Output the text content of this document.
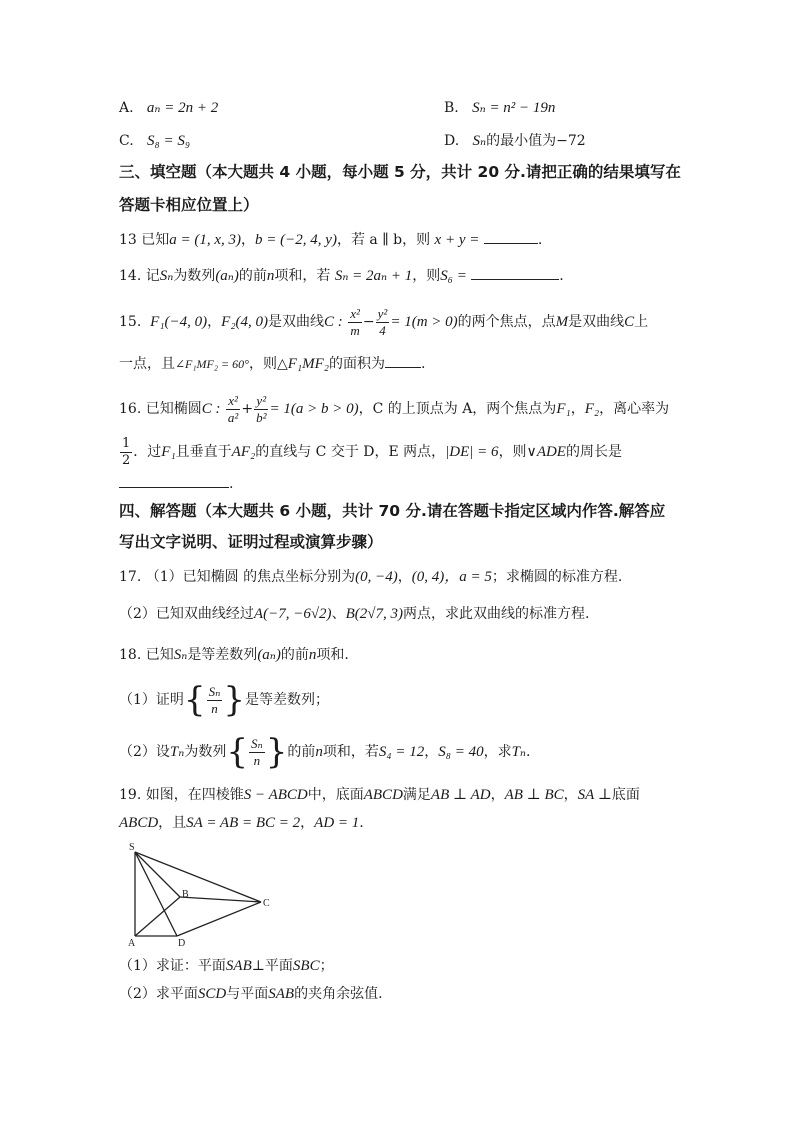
A. aₙ = 2n + 2	B. Sₙ = n² − 19n
C. S₈ = S₉	D. Sₙ的最小值为−72
三、填空题（本大题共 4 小题，每小题 5 分，共计 20 分.请把正确的结果填写在
答题卡相应位置上）
13 已知a = (1, x, 3)，b = (−2, 4, y)，若 a ∥ b，则 x + y =	.
14. 记Sₙ为数列(aₙ)的前n项和，若 Sₙ = 2aₙ + 1，则S₆ =	.
15. F₁(−4, 0)，F₂(4, 0)是双曲线C : $\frac{\text{x²}}{m} - \frac{\text{y²}}{4} = 1(m > 0)$的两个焦点，点M是双曲线C上
一点，且∠F₁MF₂ = 60°，则△F₁MF₂的面积为	.
16. 已知椭圆C : $\frac{\text{x²}}{\text{a²}} + \frac{\text{y²}}{\text{b²}} = 1(a > b > 0)$，C 的上顶点为 A，两个焦点为F₁，F₂，离心率为
$\frac{1}{2}$ ．过F₁且垂直于AF₂的直线与 C 交于 D，E 两点，|DE| = 6，则∨ADE的周长是
.
四、解答题（本大题共 6 小题，共计 70 分.请在答题卡指定区域内作答.解答应
写出文字说明、证明过程或演算步骤）
17. （1）已知椭圆 的焦点坐标分别为(0, −4)，(0, 4)，a = 5；求椭圆的标准方程.
（2）已知双曲线经过A(−7, −6√2)、B(2√7, 3)两点，求此双曲线的标准方程.
18. 已知Sₙ是等差数列(aₙ)的前n项和.
（1）证明{ $\frac{\text{Sₙ}}{n}$ }是等差数列；
（2）设Tₙ为数列{ $\frac{\text{Sₙ}}{n}$ }的前n项和，若S₄ = 12，S₈ = 40，求Tₙ.
19. 如图，在四棱锥S − ABCD中，底面ABCD满足AB ⊥ AD，AB ⊥ BC，SA ⊥底面
ABCD，且SA = AB = BC = 2，AD = 1.
S
B
C
A	D
（1）求证：平面SAB⊥平面SBC；
（2）求平面SCD与平面SAB的夹角余弦值.
